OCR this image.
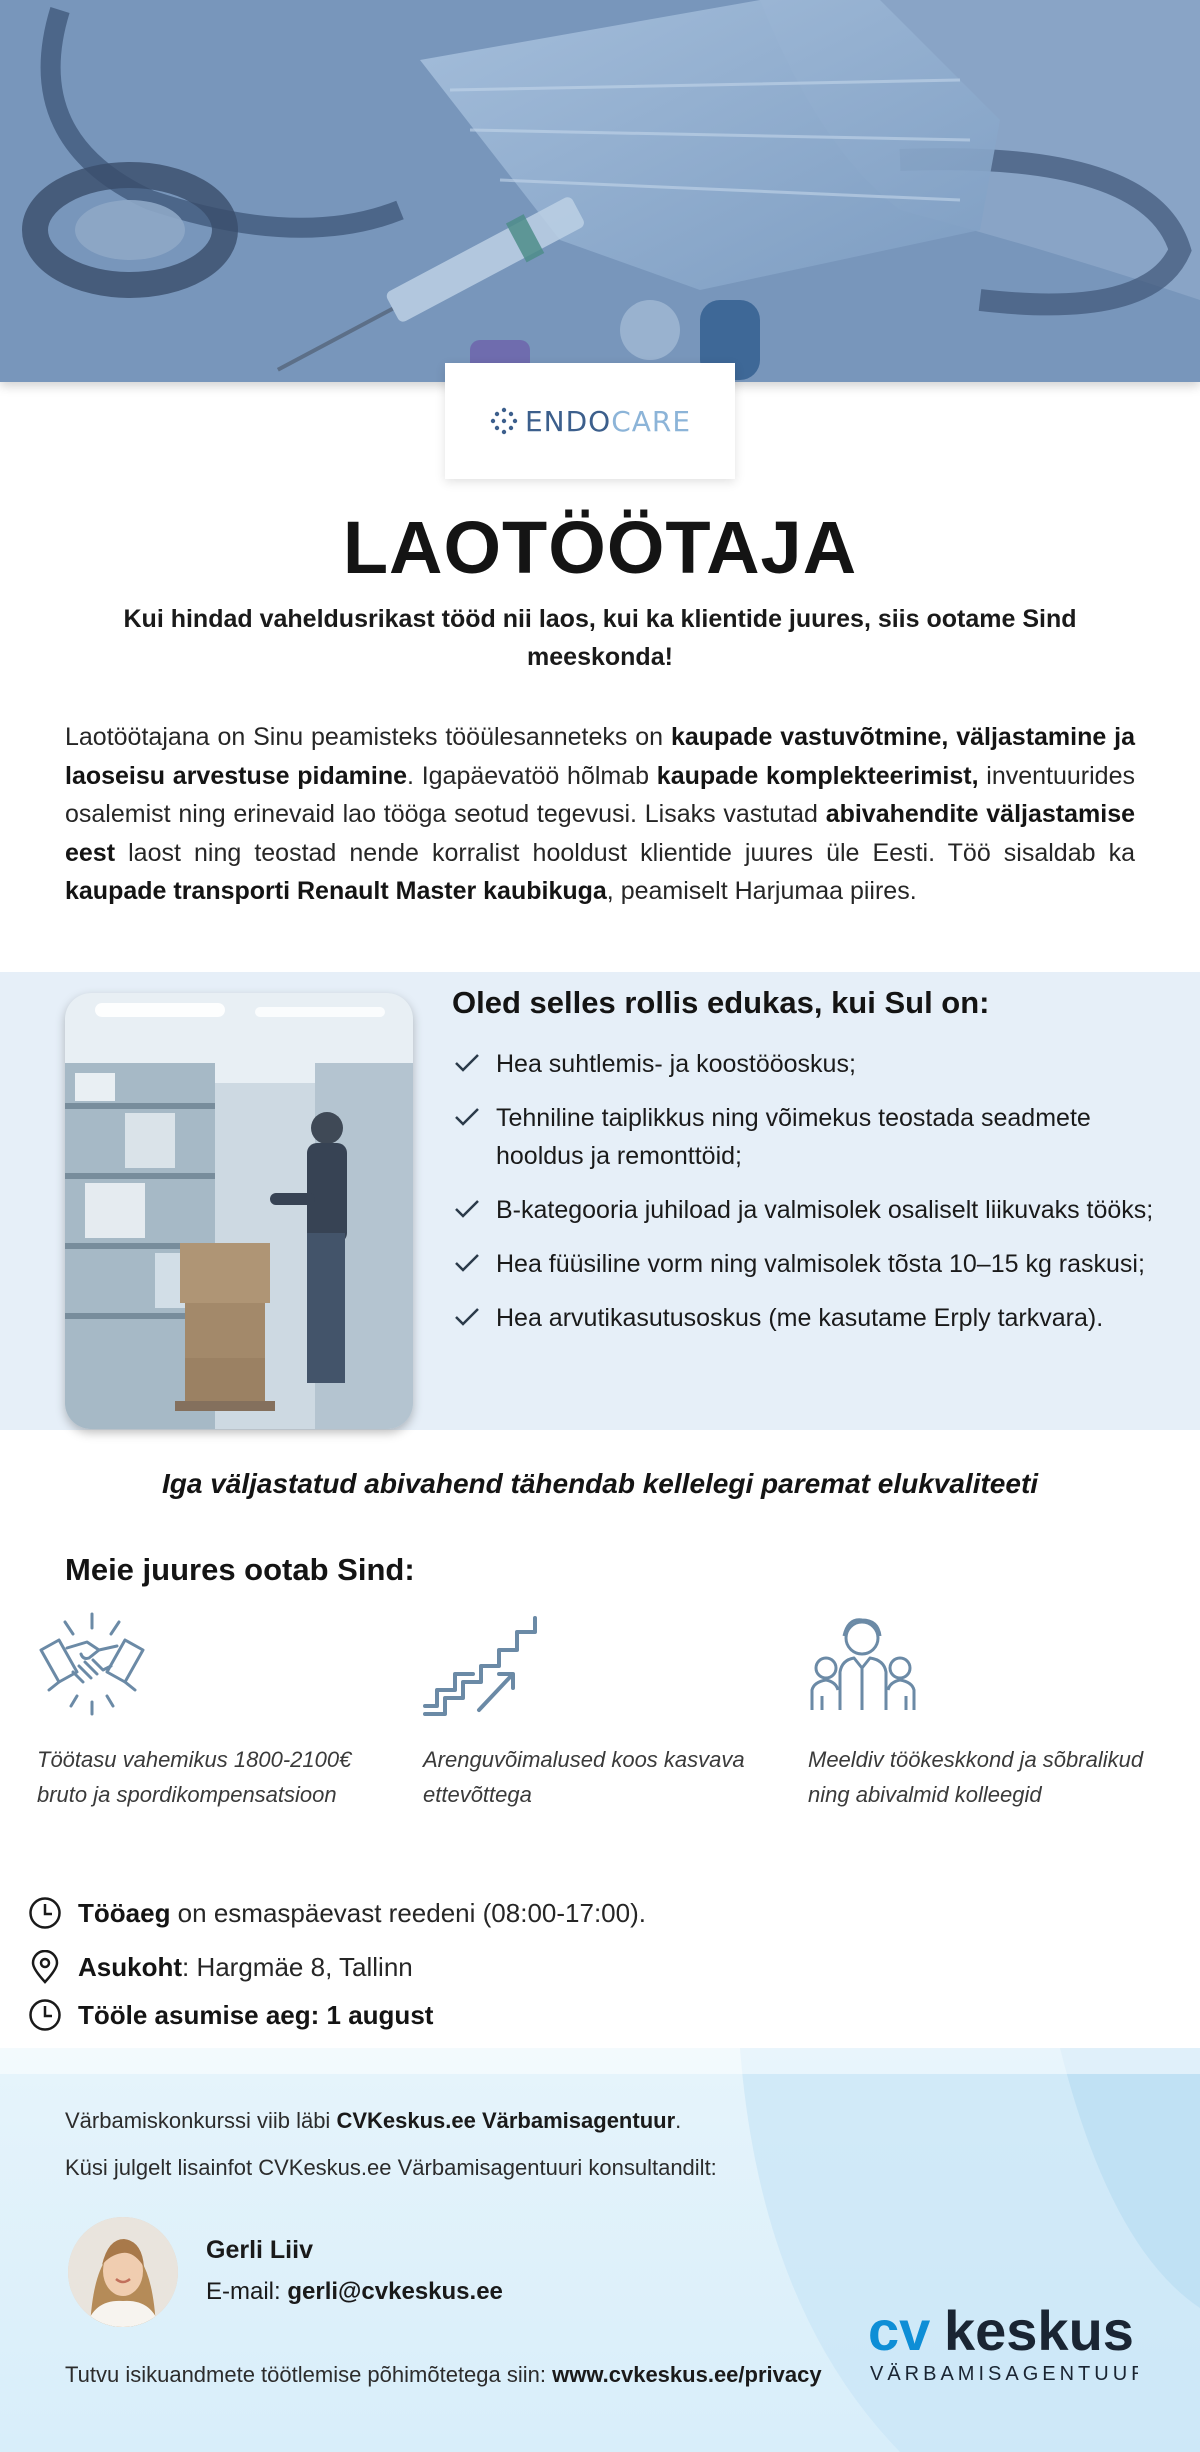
ENDOCARE
LAOTÖÖTAJA

Kui hindad vaheldusrikast tööd nii laos, kui ka klientide juures, siis ootame Sind meeskonda!

Laotöötajana on Sinu peamisteks tööülesanneteks on kaupade vastuvõtmine, väljastamine ja laoseisu arvestuse pidamine. Igapäevatöö hõlmab kaupade komplekteerimist, inventuurides osalemist ning erinevaid lao tööga seotud tegevusi. Lisaks vastutad abivahendite väljastamise eest laost ning teostad nende korralist hooldust klientide juures üle Eesti. Töö sisaldab ka kaupade transporti Renault Master kaubikuga, peamiselt Harjumaa piires.

Oled selles rollis edukas, kui Sul on:
Hea suhtlemis- ja koostööoskus;
Tehniline taiplikkus ning võimekus teostada seadmete hooldus ja remonttöid;
B-kategooria juhiload ja valmisolek osaliselt liikuvaks tööks;
Hea füüsiline vorm ning valmisolek tõsta 10–15 kg raskusi;
Hea arvutikasutusoskus (me kasutame Erply tarkvara).

Iga väljastatud abivahend tähendab kellelegi paremat elukvaliteeti

Meie juures ootab Sind:

Töötasu vahemikus 1800-2100€ bruto ja spordikompensatsioon

Arenguvõimalused koos kasvava ettevõttega

Meeldiv töökeskkond ja sõbralikud ning abivalmid kolleegid

Tööaeg on esmaspäevast reedeni (08:00-17:00).
Asukoht: Hargmäe 8, Tallinn
Tööle asumise aeg: 1 august

Värbamiskonkurssi viib läbi CVKeskus.ee Värbamisagentuur.

Küsi julgelt lisainfot CVKeskus.ee Värbamisagentuuri konsultandilt:

Gerli Liiv

E-mail: gerli@cvkeskus.ee

Tutvu isikuandmete töötlemise põhimõtetega siin: www.cvkeskus.ee/privacy

cv keskus
VÄRBAMISAGENTUUR
